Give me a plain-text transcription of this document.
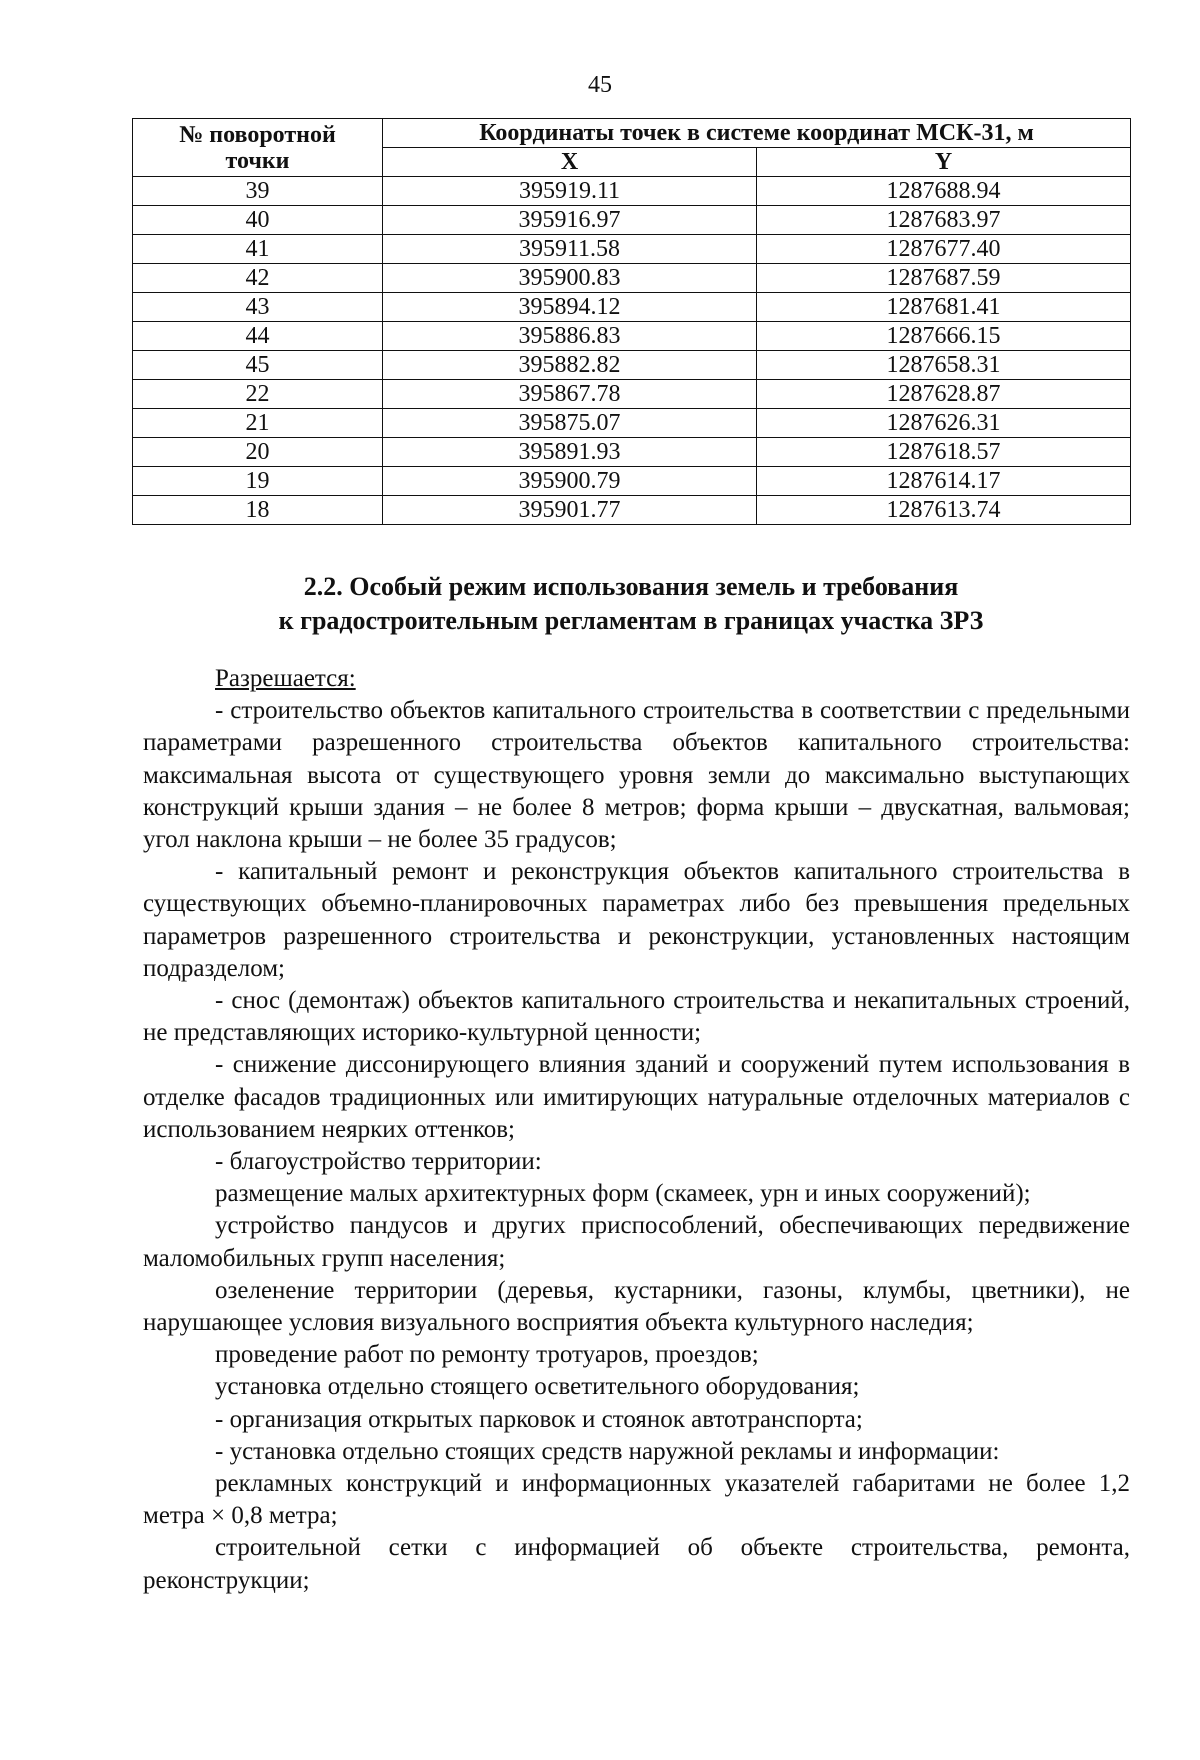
45
№ поворотной
точки	Координаты точек в системе координат МСК-31, м	
	X	Y
39	395919.11	1287688.94
40	395916.97	1287683.97
41	395911.58	1287677.40
42	395900.83	1287687.59
43	395894.12	1287681.41
44	395886.83	1287666.15
45	395882.82	1287658.31
22	395867.78	1287628.87
21	395875.07	1287626.31
20	395891.93	1287618.57
19	395900.79	1287614.17
18	395901.77	1287613.74
2.2. Особый режим использования земель и требования
к градостроительным регламентам в границах участка ЗРЗ
Разрешается:

- строительство объектов капитального строительства в соответствии с предельными параметрами разрешенного строительства объектов капитального строительства: максимальная высота от существующего уровня земли до максимально выступающих конструкций крыши здания – не более 8 метров; форма крыши – двускатная, вальмовая; угол наклона крыши – не более 35 градусов;

- капитальный ремонт и реконструкция объектов капитального строительства в существующих объемно-планировочных параметрах либо без превышения предельных параметров разрешенного строительства и реконструкции, установленных настоящим подразделом;

- снос (демонтаж) объектов капитального строительства и некапитальных строений, не представляющих историко-культурной ценности;

- снижение диссонирующего влияния зданий и сооружений путем использования в отделке фасадов традиционных или имитирующих натуральные отделочных материалов с использованием неярких оттенков;

- благоустройство территории:

размещение малых архитектурных форм (скамеек, урн и иных сооружений);

устройство пандусов и других приспособлений, обеспечивающих передвижение маломобильных групп населения;

озеленение территории (деревья, кустарники, газоны, клумбы, цветники), не нарушающее условия визуального восприятия объекта культурного наследия;

проведение работ по ремонту тротуаров, проездов;

установка отдельно стоящего осветительного оборудования;

- организация открытых парковок и стоянок автотранспорта;

- установка отдельно стоящих средств наружной рекламы и информации:

рекламных конструкций и информационных указателей габаритами не более 1,2 метра × 0,8 метра;

строительной сетки с информацией об объекте строительства, ремонта, реконструкции;
